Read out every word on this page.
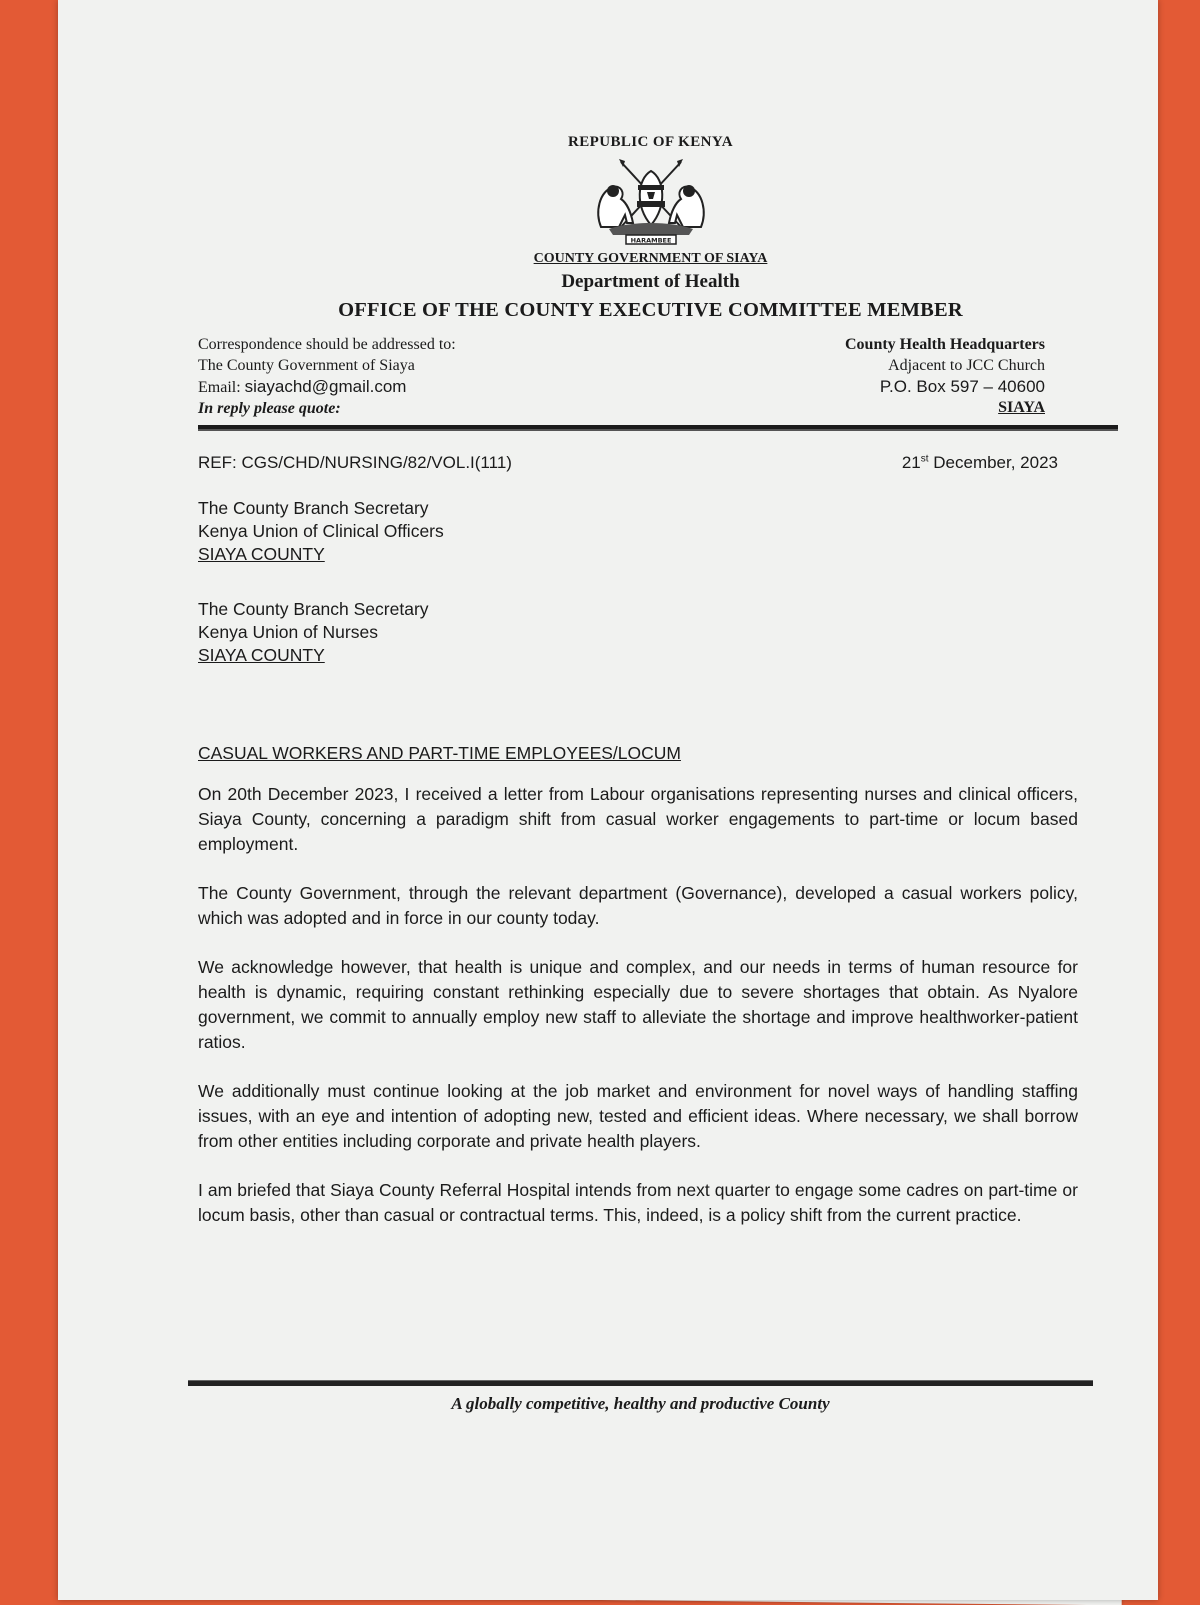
REPUBLIC OF KENYA
HARAMBEE
COUNTY GOVERNMENT OF SIAYA
Department of Health
OFFICE OF THE COUNTY EXECUTIVE COMMITTEE MEMBER
Correspondence should be addressed to:
The County Government of Siaya
Email: siayachd@gmail.com
In reply please quote:
County Health Headquarters
Adjacent to JCC Church
P.O. Box 597 – 40600
SIAYA
REF: CGS/CHD/NURSING/82/VOL.I(111)	21st December, 2023
The County Branch Secretary
Kenya Union of Clinical Officers
SIAYA COUNTY
The County Branch Secretary
Kenya Union of Nurses
SIAYA COUNTY
CASUAL WORKERS AND PART-TIME EMPLOYEES/LOCUM

On 20th December 2023, I received a letter from Labour organisations representing nurses and clinical officers, Siaya County, concerning a paradigm shift from casual worker engagements to part-time or locum based employment.

The County Government, through the relevant department (Governance), developed a casual workers policy, which was adopted and in force in our county today.

We acknowledge however, that health is unique and complex, and our needs in terms of human resource for health is dynamic, requiring constant rethinking especially due to severe shortages that obtain. As Nyalore government, we commit to annually employ new staff to alleviate the shortage and improve healthworker-patient ratios.

We additionally must continue looking at the job market and environment for novel ways of handling staffing issues, with an eye and intention of adopting new, tested and efficient ideas. Where necessary, we shall borrow from other entities including corporate and private health players.

I am briefed that Siaya County Referral Hospital intends from next quarter to engage some cadres on part-time or locum basis, other than casual or contractual terms. This, indeed, is a policy shift from the current practice.

A globally competitive, healthy and productive County
